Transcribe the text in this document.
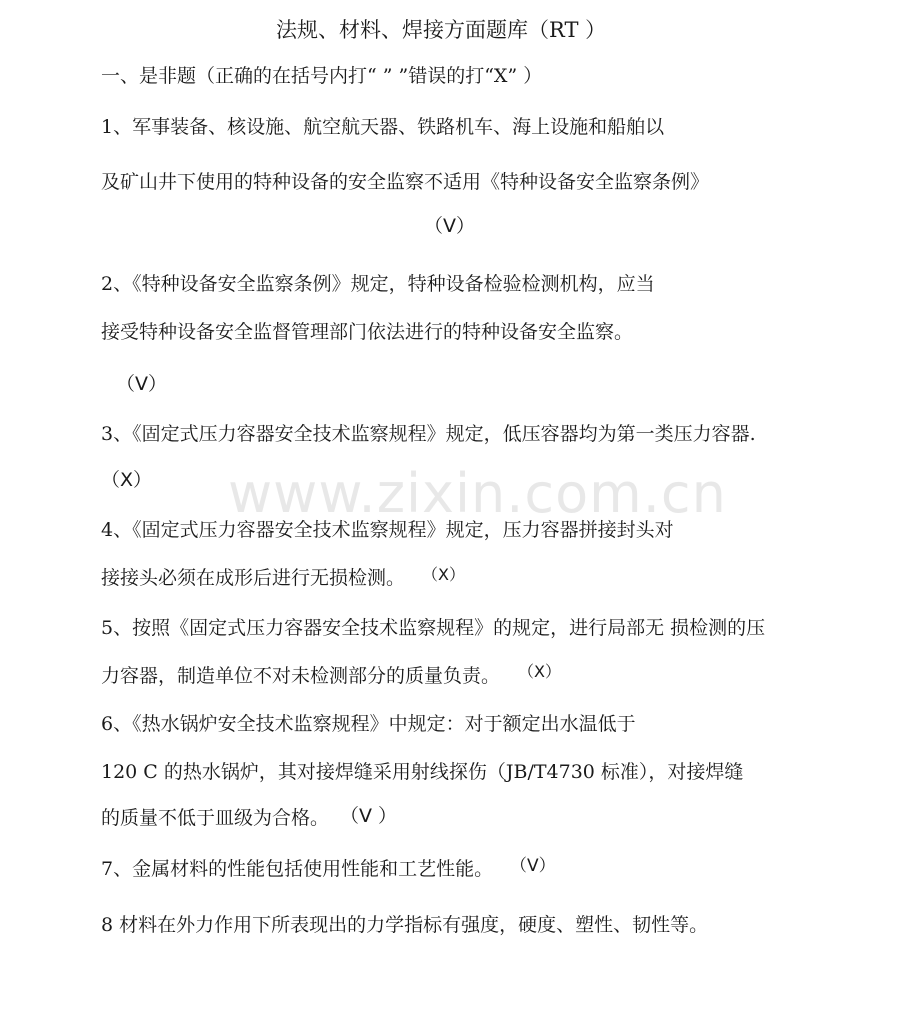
www.zixin.com.cn
法规、材料、焊接方面题库（RT ）
一、是非题（正确的在括号内打“ ” ”错误的打“X” ）
1、军事装备、核设施、航空航天器、铁路机车、海上设施和船舶以
及矿山井下使用的特种设备的安全监察不适用《特种设备安全监察条例》
（V）
2、《特种设备安全监察条例》规定，特种设备检验检测机构，应当
接受特种设备安全监督管理部门依法进行的特种设备安全监察。
（V）
3、《固定式压力容器安全技术监察规程》规定，低压容器均为第一类压力容器.
（X）
4、《固定式压力容器安全技术监察规程》规定，压力容器拼接封头对
接接头必须在成形后进行无损检测。 （X）
5、按照《固定式压力容器安全技术监察规程》的规定，进行局部无 损检测的压
力容器，制造单位不对未检测部分的质量负责。 （X）
6、《热水锅炉安全技术监察规程》中规定：对于额定出水温低于
120 C 的热水锅炉，其对接焊缝采用射线探伤（JB/T4730 标准），对接焊缝
的质量不低于皿级为合格。 （V ）
7、金属材料的性能包括使用性能和工艺性能。 （V）
8 材料在外力作用下所表现出的力学指标有强度，硬度、塑性、韧性等。
